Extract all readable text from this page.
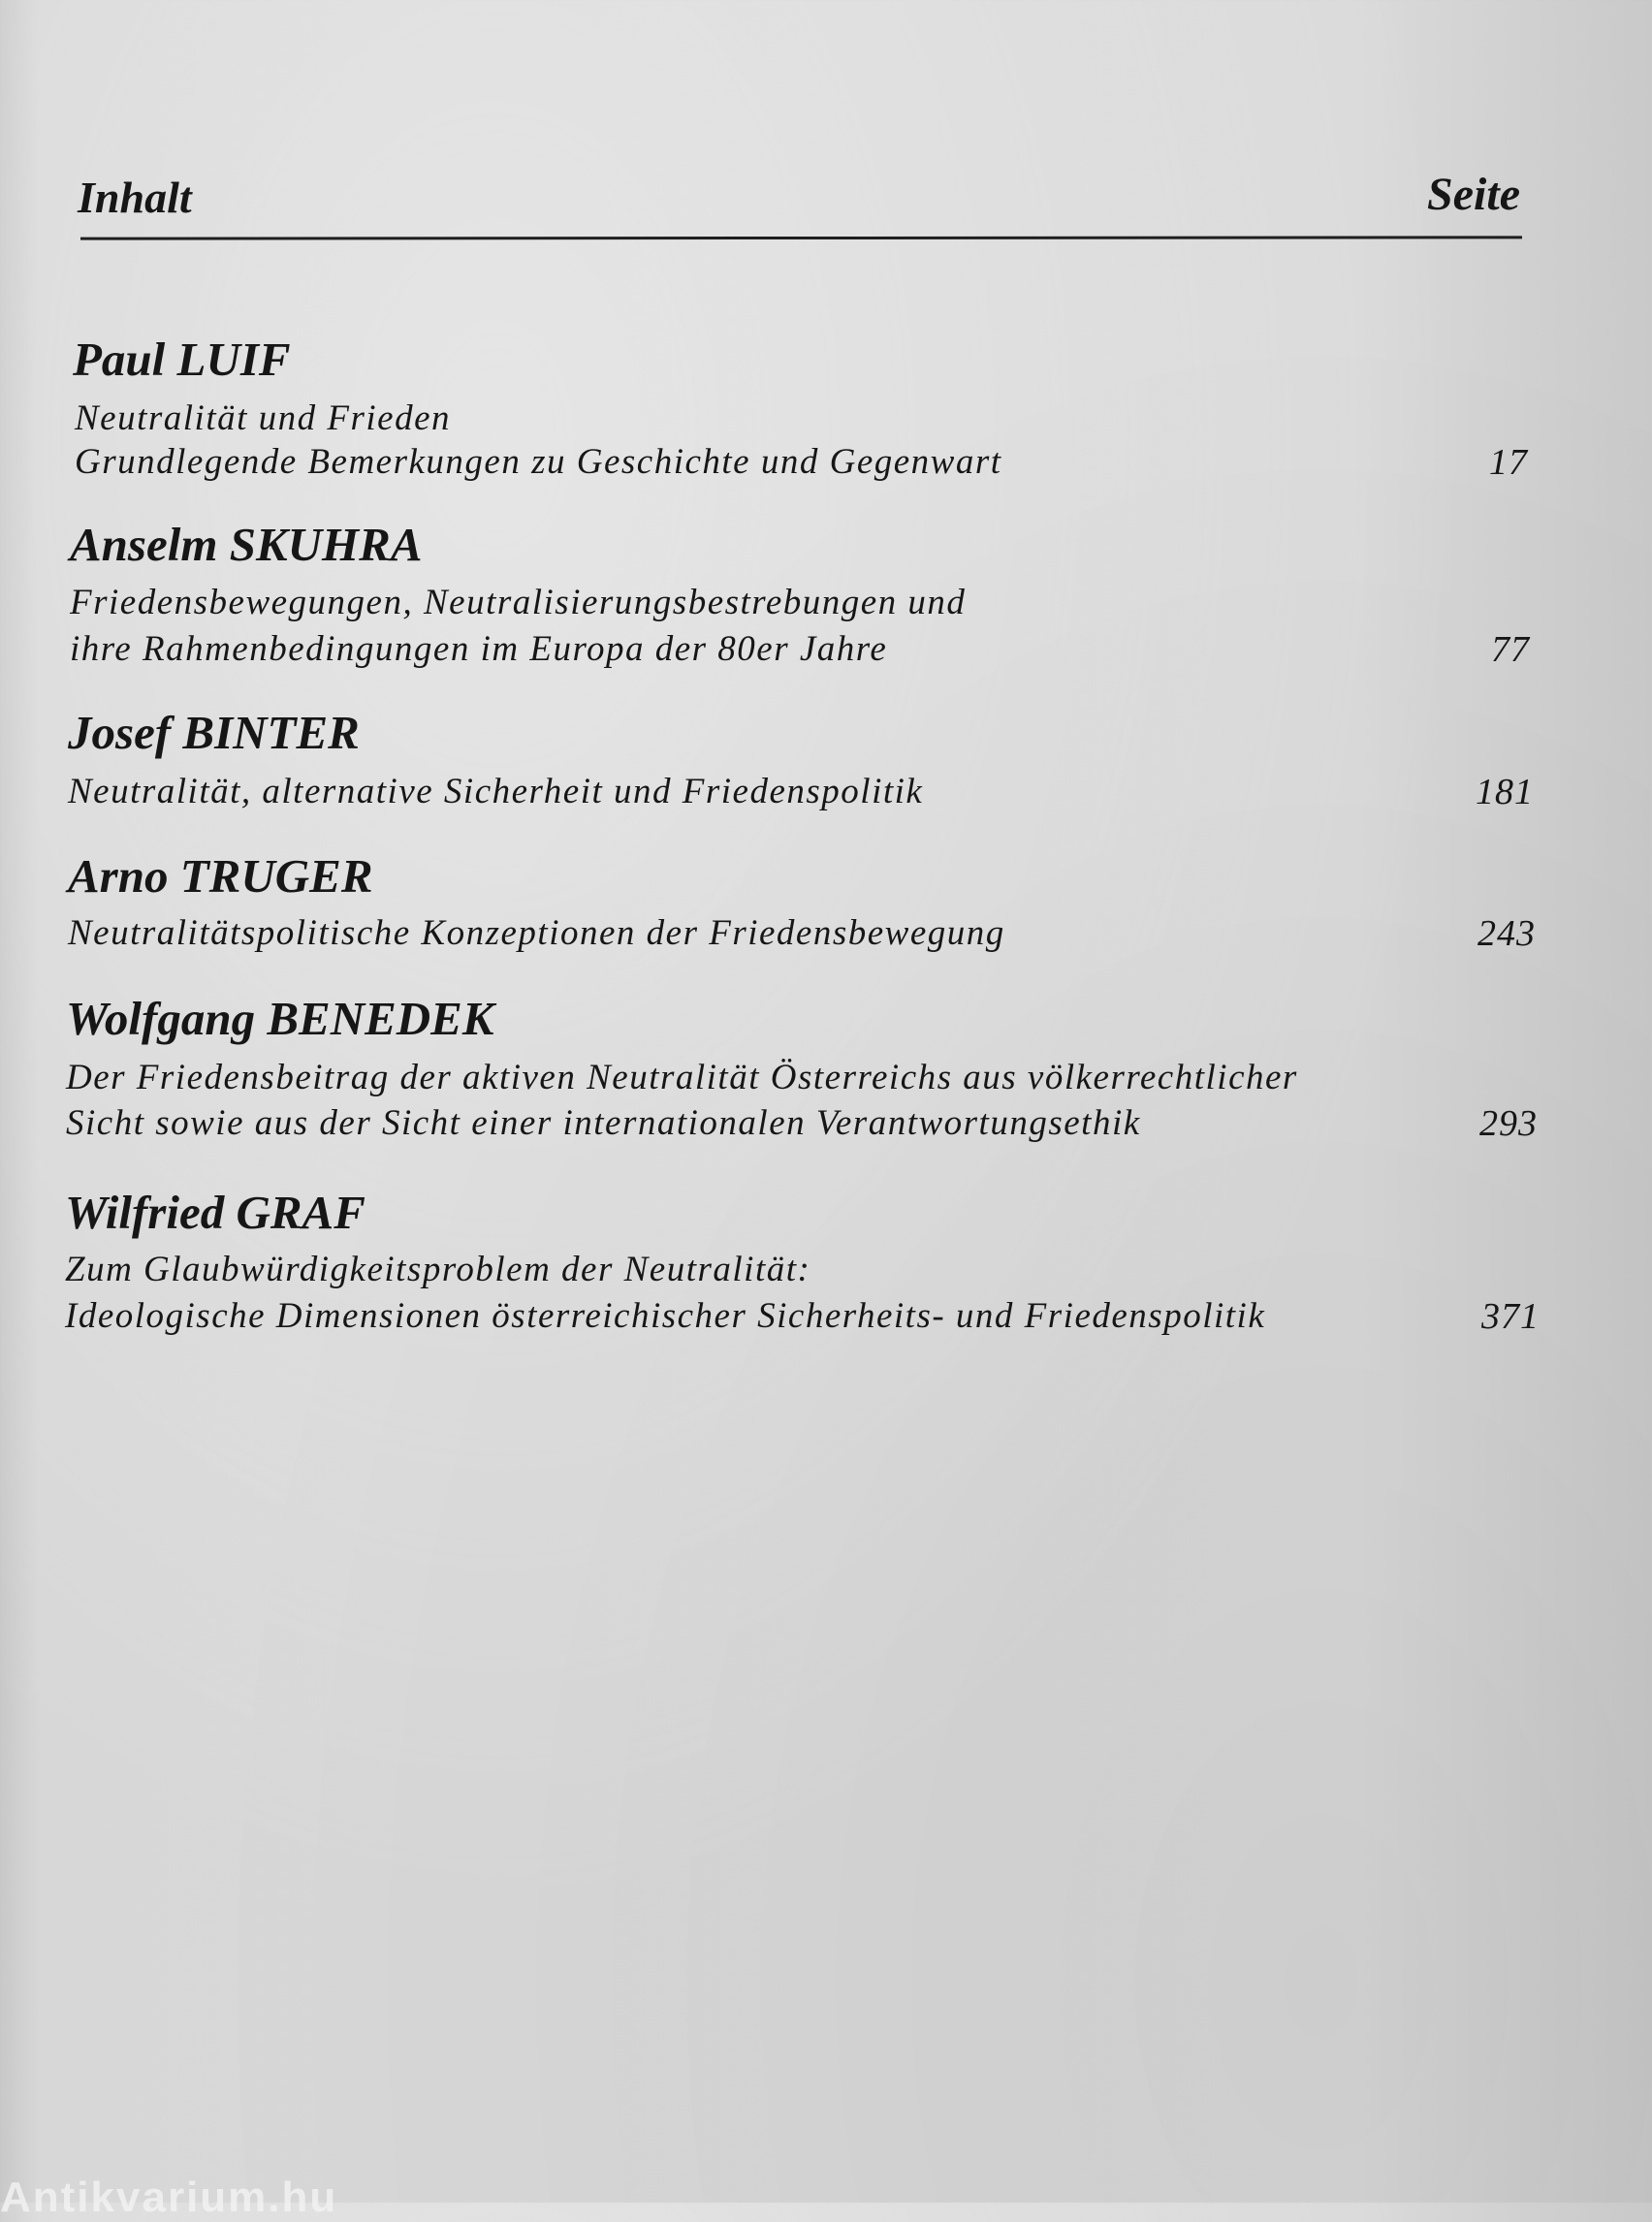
Inhalt	Seite
Paul LUIF
Neutralität und Frieden
Grundlegende Bemerkungen zu Geschichte und Gegenwart	17
Anselm SKUHRA
Friedensbewegungen, Neutralisierungsbestrebungen und
ihre Rahmenbedingungen im Europa der 80er Jahre	77
Josef BINTER
Neutralität, alternative Sicherheit und Friedenspolitik	181
Arno TRUGER
Neutralitätspolitische Konzeptionen der Friedensbewegung	243
Wolfgang BENEDEK
Der Friedensbeitrag der aktiven Neutralität Österreichs aus völkerrechtlicher
Sicht sowie aus der Sicht einer internationalen Verantwortungsethik	293
Wilfried GRAF
Zum Glaubwürdigkeitsproblem der Neutralität:
Ideologische Dimensionen österreichischer Sicherheits- und Friedenspolitik	371
Antikvarium.hu
